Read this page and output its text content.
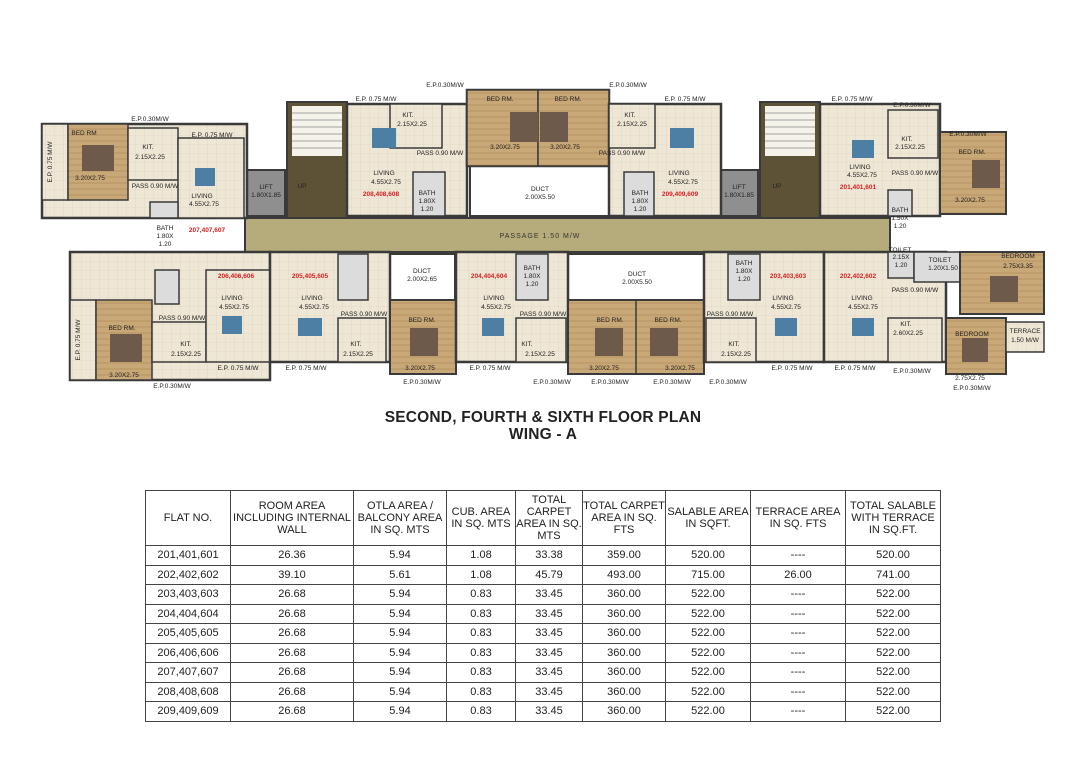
PASSAGE 1.50 M/W
UP	UP
LIFT
1.80X1.85
LIFT
1.80X1.85
DUCT
2.00X5.50
DUCT
2.00X2.65
DUCT
2.00X5.50
E.P. 0.75 M/W
BED RM
3.20X2.75
E.P.0.30M/W
E.P. 0.75 M/W
KIT.
2.15X2.25
PASS 0.90 M/W
LIVING
4.55X2.75
BATH
1.80X
1.20
207,407,607
E.P. 0.75 M/W
KIT.
2.15X2.25
PASS 0.90 M/W
LIVING
4.55X2.75
BATH
1.80X
1.20
208,408,608
E.P.0.30M/W	E.P.0.30M/W
BED RM.	BED RM.
3.20X2.75	3.20X2.75
E.P. 0.75 M/W
KIT.
2.15X2.25
PASS 0.90 M/W
LIVING
4.55X2.75
BATH
1.80X
1.20
209,409,609
E.P. 0.75 M/W
E.P.0.30M/W
E.P.0.30M/W
KIT.
2.15X2.25
BED RM.
3.20X2.75
PASS 0.90 M/W
LIVING
4.55X2.75
201,401,601
BATH
1.50X
1.20
E.P. 0.75 M/W	BED RM.
3.20X2.75
PASS 0.90 M/W
KIT.
2.15X2.25
LIVING
4.55X2.75
206,406,606
E.P. 0.75 M/W
E.P.0.30M/W
205,405,605
LIVING
4.55X2.75
PASS 0.90 M/W
KIT.
2.15X2.25
E.P. 0.75 M/W
BED RM.
3.20X2.75
E.P.0.30M/W
204,404,604
BATH
1.80X
1.20
LIVING
4.55X2.75
PASS 0.90 M/W
KIT.
2.15X2.25
E.P. 0.75 M/W
BED RM.	BED RM.
3.20X2.75	3.20X2.75
E.P.0.30M/W	E.P.0.30M/W	E.P.0.30M/W	E.P.0.30M/W
BATH
1.80X
1.20	203,403,603
LIVING
4.55X2.75
PASS 0.90 M/W
KIT.
2.15X2.25
E.P. 0.75 M/W
202,402,602
TOILET
2.15X
1.20
TOILET
1.20X1.50
BEDROOM
2.75X3.35
PASS 0.90 M/W
LIVING
4.55X2.75
KIT.
2.60X2.25	BEDROOM
2.75X2.75
TERRACE
1.50 M/W
E.P. 0.75 M/W	E.P.0.30M/W
E.P.0.30M/W
SECOND, FOURTH & SIXTH FLOOR PLAN
WING - A
FLAT NO.	ROOM AREA INCLUDING INTERNAL WALL	OTLA AREA / BALCONY AREA IN SQ. MTS	CUB. AREA IN SQ. MTS	TOTAL CARPET AREA IN SQ. MTS	TOTAL CARPET AREA IN SQ. FTS	SALABLE AREA IN SQFT.	TERRACE AREA IN SQ. FTS	TOTAL SALABLE WITH TERRACE IN SQ.FT.
201,401,601	26.36	5.94	1.08	33.38	359.00	520.00	----	520.00
202,402,602	39.10	5.61	1.08	45.79	493.00	715.00	26.00	741.00
203,403,603	26.68	5.94	0.83	33.45	360.00	522.00	----	522.00
204,404,604	26.68	5.94	0.83	33.45	360.00	522.00	----	522.00
205,405,605	26.68	5.94	0.83	33.45	360.00	522.00	----	522.00
206,406,606	26.68	5.94	0.83	33.45	360.00	522.00	----	522.00
207,407,607	26.68	5.94	0.83	33.45	360.00	522.00	----	522.00
208,408,608	26.68	5.94	0.83	33.45	360.00	522.00	----	522.00
209,409,609	26.68	5.94	0.83	33.45	360.00	522.00	----	522.00
